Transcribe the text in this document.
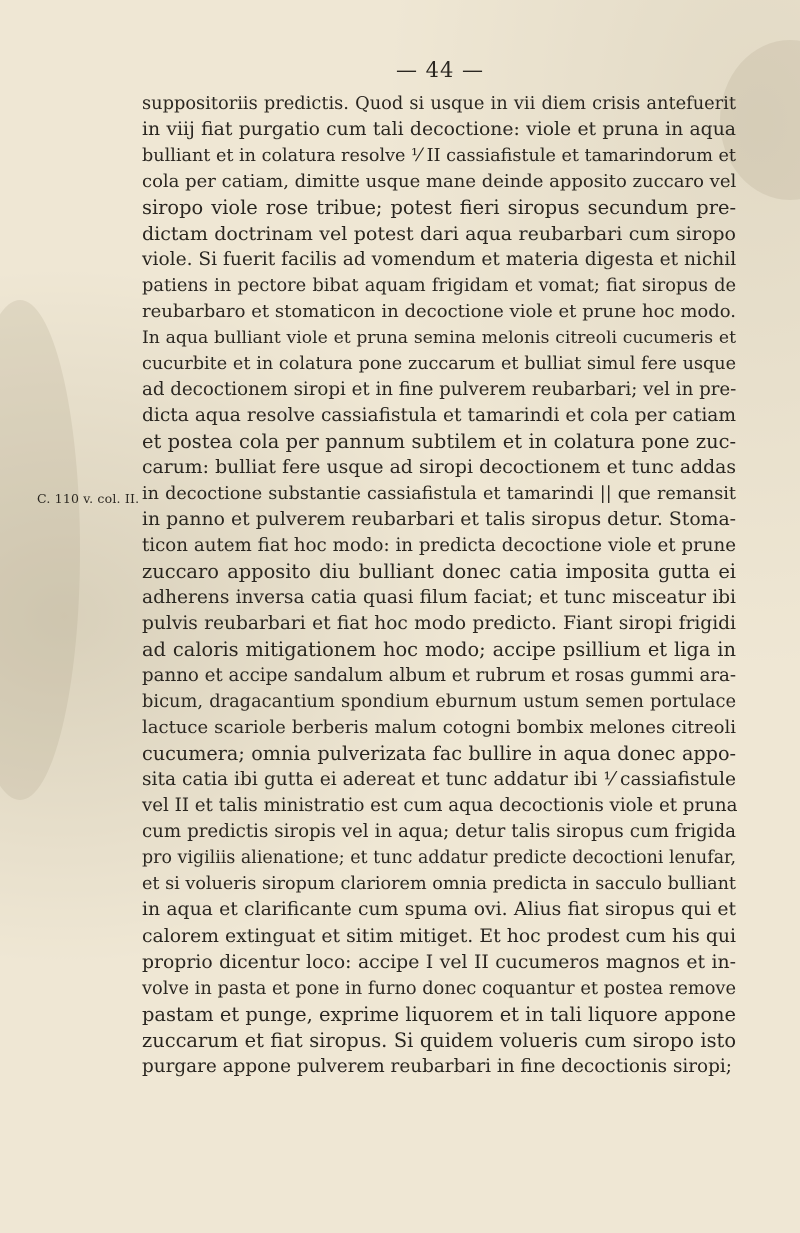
— 44 —
C. 110 v. col. II.
suppositoriis predictis. Quod si usque in vii diem crisis antefuerit
in viij fiat purgatio cum tali decoctione: viole et pruna in aqua
bulliant et in colatura resolve ⅟ II cassiafistule et tamarindorum et
cola per catiam, dimitte usque mane deinde apposito zuccaro vel
siropo viole rose tribue; potest fieri siropus secundum pre-
dictam doctrinam vel potest dari aqua reubarbari cum siropo
viole. Si fuerit facilis ad vomendum et materia digesta et nichil
patiens in pectore bibat aquam frigidam et vomat; fiat siropus de
reubarbaro et stomaticon in decoctione viole et prune hoc modo.
In aqua bulliant viole et pruna semina melonis citreoli cucumeris et
cucurbite et in colatura pone zuccarum et bulliat simul fere usque
ad decoctionem siropi et in fine pulverem reubarbari; vel in pre-
dicta aqua resolve cassiafistula et tamarindi et cola per catiam
et postea cola per pannum subtilem et in colatura pone zuc-
carum: bulliat fere usque ad siropi decoctionem et tunc addas
in decoctione substantie cassiafistula et tamarindi || que remansit
in panno et pulverem reubarbari et talis siropus detur. Stoma-
ticon autem fiat hoc modo: in predicta decoctione viole et prune
zuccaro apposito diu bulliant donec catia imposita gutta ei
adherens inversa catia quasi filum faciat; et tunc misceatur ibi
pulvis reubarbari et fiat hoc modo predicto. Fiant siropi frigidi
ad caloris mitigationem hoc modo; accipe psillium et liga in
panno et accipe sandalum album et rubrum et rosas gummi ara-
bicum, dragacantium spondium eburnum ustum semen portulace
lactuce scariole berberis malum cotogni bombix melones citreoli
cucumera; omnia pulverizata fac bullire in aqua donec appo-
sita catia ibi gutta ei adereat et tunc addatur ibi ⅟ cassiafistule
vel II et talis ministratio est cum aqua decoctionis viole et pruna
cum predictis siropis vel in aqua; detur talis siropus cum frigida
pro vigiliis alienatione; et tunc addatur predicte decoctioni lenufar,
et si volueris siropum clariorem omnia predicta in sacculo bulliant
in aqua et clarificante cum spuma ovi. Alius fiat siropus qui et
calorem extinguat et sitim mitiget. Et hoc prodest cum his qui
proprio dicentur loco: accipe I vel II cucumeros magnos et in-
volve in pasta et pone in furno donec coquantur et postea remove
pastam et punge, exprime liquorem et in tali liquore appone
zuccarum et fiat siropus. Si quidem volueris cum siropo isto
purgare appone pulverem reubarbari in fine decoctionis siropi;
